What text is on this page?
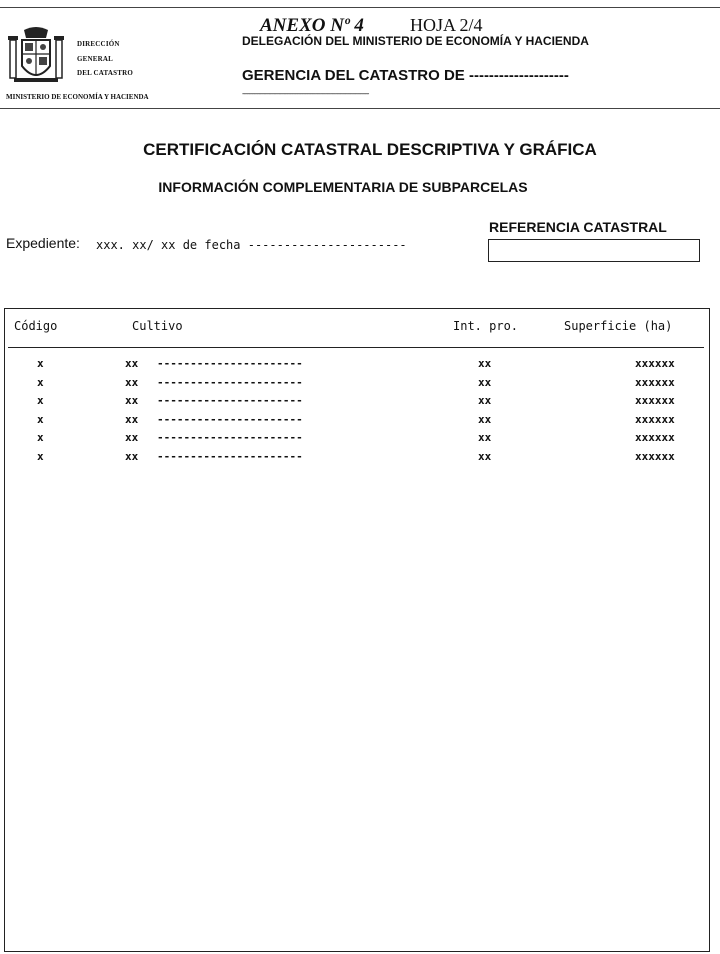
DIRECCIÓN
GENERAL
DEL CATASTRO
MINISTERIO DE ECONOMÍA Y HACIENDA
ANEXO Nº 4	HOJA 2/4
DELEGACIÓN DEL MINISTERIO DE ECONOMÍA Y HACIENDA
GERENCIA DEL CATASTRO DE --------------------
----------------------------------------------------------------------------
CERTIFICACIÓN CATASTRAL DESCRIPTIVA Y GRÁFICA
INFORMACIÓN COMPLEMENTARIA DE SUBPARCELAS
REFERENCIA CATASTRAL
Expediente: xxx. xx/ xx de fecha ----------------------
Código	Cultivo	Int. pro.	Superficie (ha)
x	xx ----------------------	xx	xxxxxx
x	xx ----------------------	xx	xxxxxx
x	xx ----------------------	xx	xxxxxx
x	xx ----------------------	xx	xxxxxx
x	xx ----------------------	xx	xxxxxx
x	xx ----------------------	xx	xxxxxx
